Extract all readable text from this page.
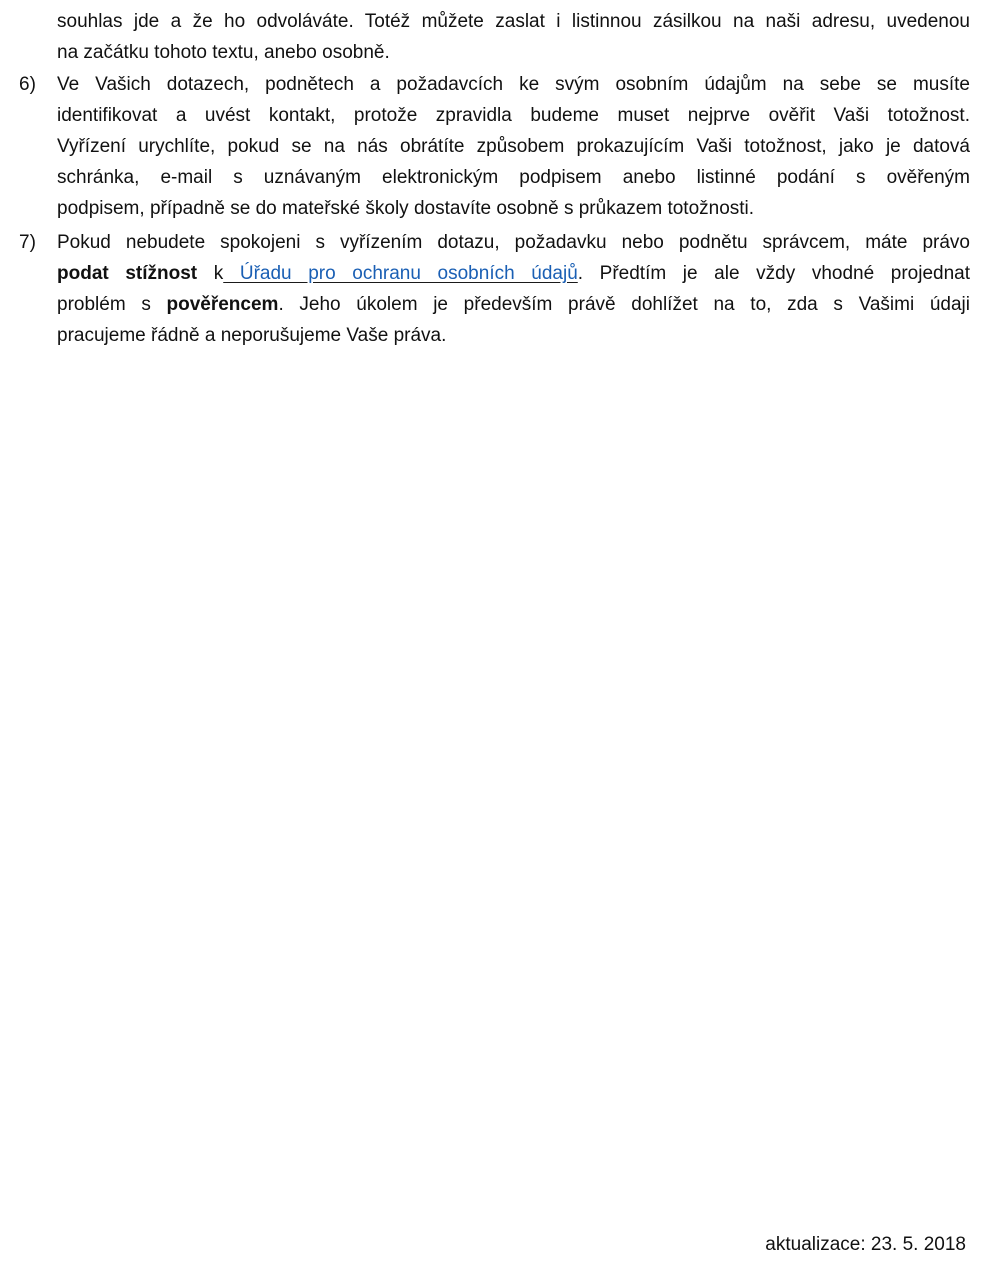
souhlas jde a že ho odvoláváte. Totéž můžete zaslat i listinnou zásilkou na naši adresu, uvedenou
na začátku tohoto textu, anebo osobně.
6) Ve Vašich dotazech, podnětech a požadavcích ke svým osobním údajům na sebe se musíte
identifikovat a uvést kontakt, protože zpravidla budeme muset nejprve ověřit Vaši totožnost.
Vyřízení urychlíte, pokud se na nás obrátíte způsobem prokazujícím Vaši totožnost, jako je datová
schránka, e-mail s uznávaným elektronickým podpisem anebo listinné podání s ověřeným
podpisem, případně se do mateřské školy dostavíte osobně s průkazem totožnosti.
7) Pokud nebudete spokojeni s vyřízením dotazu, požadavku nebo podnětu správcem, máte právo
podat stížnost k Úřadu pro ochranu osobních údajů. Předtím je ale vždy vhodné projednat
problém s pověřencem. Jeho úkolem je především právě dohlížet na to, zda s Vašimi údaji
pracujeme řádně a neporušujeme Vaše práva.
aktualizace: 23. 5. 2018
